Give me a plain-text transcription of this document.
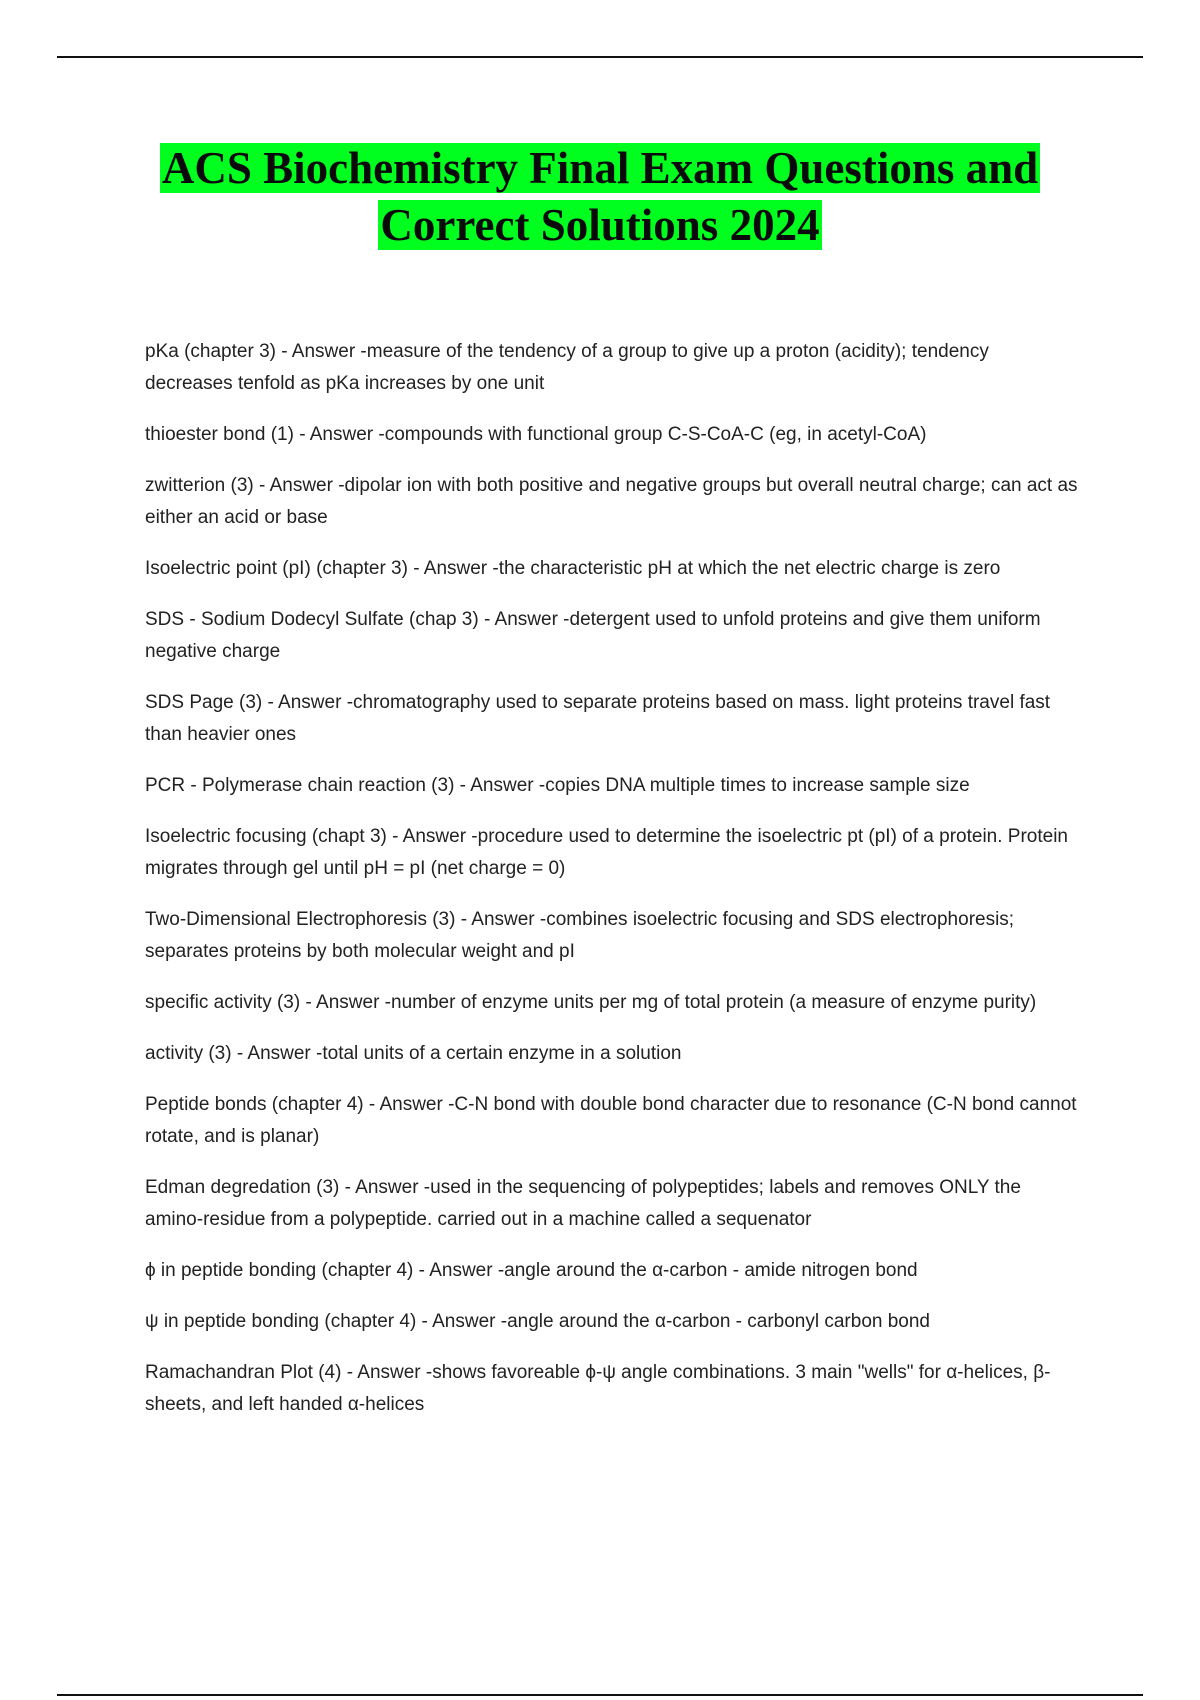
ACS Biochemistry Final Exam Questions and Correct Solutions 2024
pKa (chapter 3) - Answer -measure of the tendency of a group to give up a proton (acidity); tendency decreases tenfold as pKa increases by one unit
thioester bond (1) - Answer -compounds with functional group C-S-CoA-C (eg, in acetyl-CoA)
zwitterion (3) - Answer -dipolar ion with both positive and negative groups but overall neutral charge; can act as either an acid or base
Isoelectric point (pI) (chapter 3) - Answer -the characteristic pH at which the net electric charge is zero
SDS - Sodium Dodecyl Sulfate (chap 3) - Answer -detergent used to unfold proteins and give them uniform negative charge
SDS Page (3) - Answer -chromatography used to separate proteins based on mass. light proteins travel fast than heavier ones
PCR - Polymerase chain reaction (3) - Answer -copies DNA multiple times to increase sample size
Isoelectric focusing (chapt 3) - Answer -procedure used to determine the isoelectric pt (pI) of a protein. Protein migrates through gel until pH = pI (net charge = 0)
Two-Dimensional Electrophoresis (3) - Answer -combines isoelectric focusing and SDS electrophoresis; separates proteins by both molecular weight and pI
specific activity (3) - Answer -number of enzyme units per mg of total protein (a measure of enzyme purity)
activity (3) - Answer -total units of a certain enzyme in a solution
Peptide bonds (chapter 4) - Answer -C-N bond with double bond character due to resonance (C-N bond cannot rotate, and is planar)
Edman degredation (3) - Answer -used in the sequencing of polypeptides; labels and removes ONLY the amino-residue from a polypeptide. carried out in a machine called a sequenator
ϕ in peptide bonding (chapter 4) - Answer -angle around the α-carbon - amide nitrogen bond
ψ in peptide bonding (chapter 4) - Answer -angle around the α-carbon - carbonyl carbon bond
Ramachandran Plot (4) - Answer -shows favoreable ϕ-ψ angle combinations. 3 main "wells" for α-helices, β-sheets, and left handed α-helices
